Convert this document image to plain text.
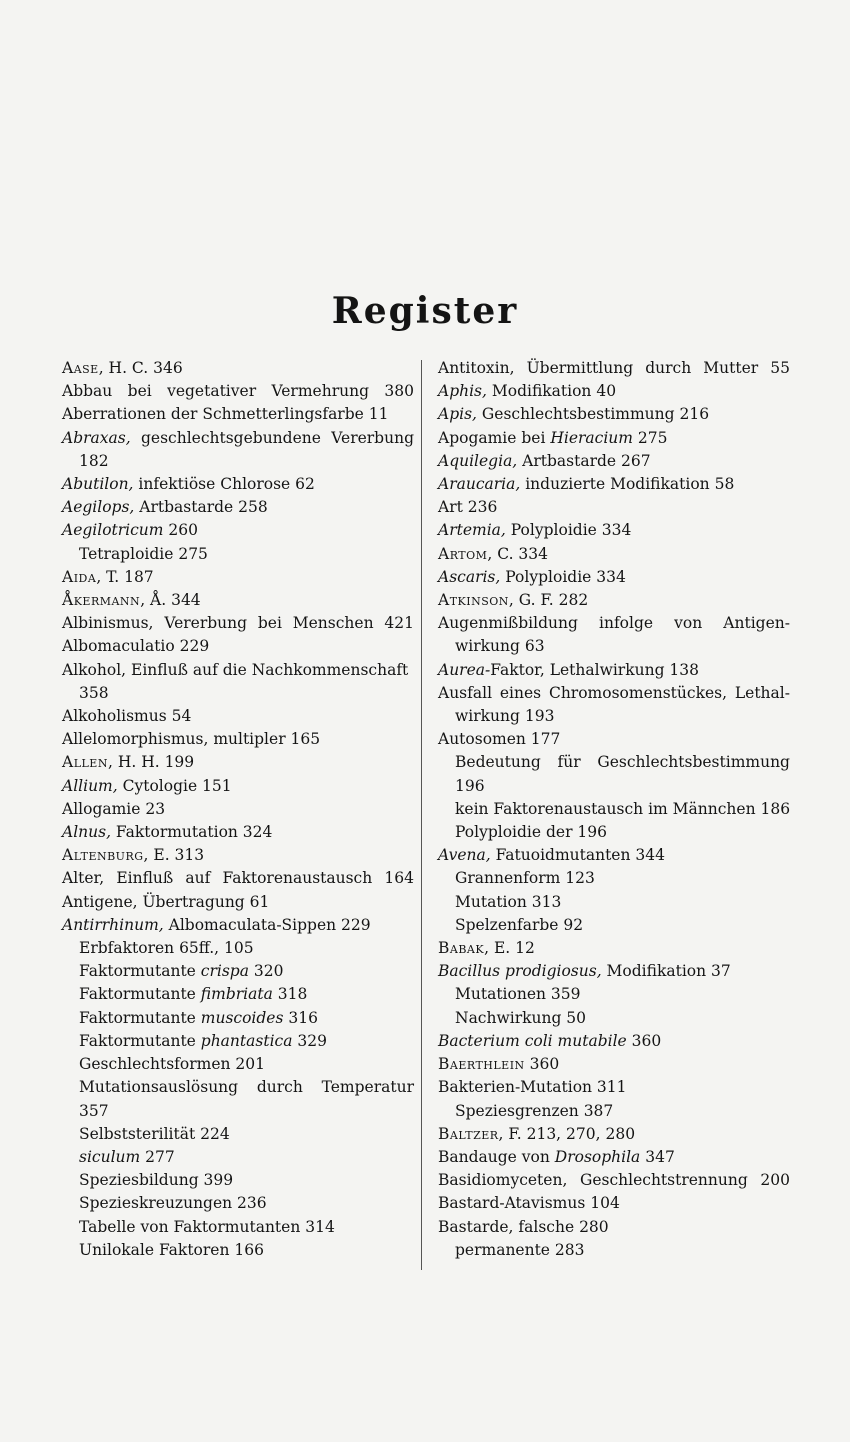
Register
Aase, H. C. 346
Abbau bei vegetativer Vermehrung 380
Aberrationen der Schmetterlingsfarbe 11
Abraxas, geschlechtsgebundene Vererbung
182
Abutilon, infektiöse Chlorose 62
Aegilops, Artbastarde 258
Aegilotricum 260
Tetraploidie 275
Aida, T. 187
Åkermann, Å. 344
Albinismus, Vererbung bei Menschen 421
Albomaculatio 229
Alkohol, Einfluß auf die Nachkommenschaft
358
Alkoholismus 54
Allelomorphismus, multipler 165
Allen, H. H. 199
Allium, Cytologie 151
Allogamie 23
Alnus, Faktormutation 324
Altenburg, E. 313
Alter, Einfluß auf Faktorenaustausch 164
Antigene, Übertragung 61
Antirrhinum, Albomaculata-Sippen 229
Erbfaktoren 65ff., 105
Faktormutante crispa 320
Faktormutante fimbriata 318
Faktormutante muscoides 316
Faktormutante phantastica 329
Geschlechtsformen 201
Mutationsauslösung durch Temperatur
357
Selbststerilität 224
siculum 277
Speziesbildung 399
Spezieskreuzungen 236
Tabelle von Faktormutanten 314
Unilokale Faktoren 166
Antitoxin, Übermittlung durch Mutter 55
Aphis, Modifikation 40
Apis, Geschlechtsbestimmung 216
Apogamie bei Hieracium 275
Aquilegia, Artbastarde 267
Araucaria, induzierte Modifikation 58
Art 236
Artemia, Polyploidie 334
Artom, C. 334
Ascaris, Polyploidie 334
Atkinson, G. F. 282
Augenmißbildung infolge von Antigen-
wirkung 63
Aurea-Faktor, Lethalwirkung 138
Ausfall eines Chromosomenstückes, Lethal-
wirkung 193
Autosomen 177
Bedeutung für Geschlechtsbestimmung
196
kein Faktorenaustausch im Männchen 186
Polyploidie der 196
Avena, Fatuoidmutanten 344
Grannenform 123
Mutation 313
Spelzenfarbe 92
Babak, E. 12
Bacillus prodigiosus, Modifikation 37
Mutationen 359
Nachwirkung 50
Bacterium coli mutabile 360
Baerthlein 360
Bakterien-Mutation 311
Speziesgrenzen 387
Baltzer, F. 213, 270, 280
Bandauge von Drosophila 347
Basidiomyceten, Geschlechtstrennung 200
Bastard-Atavismus 104
Bastarde, falsche 280
permanente 283
